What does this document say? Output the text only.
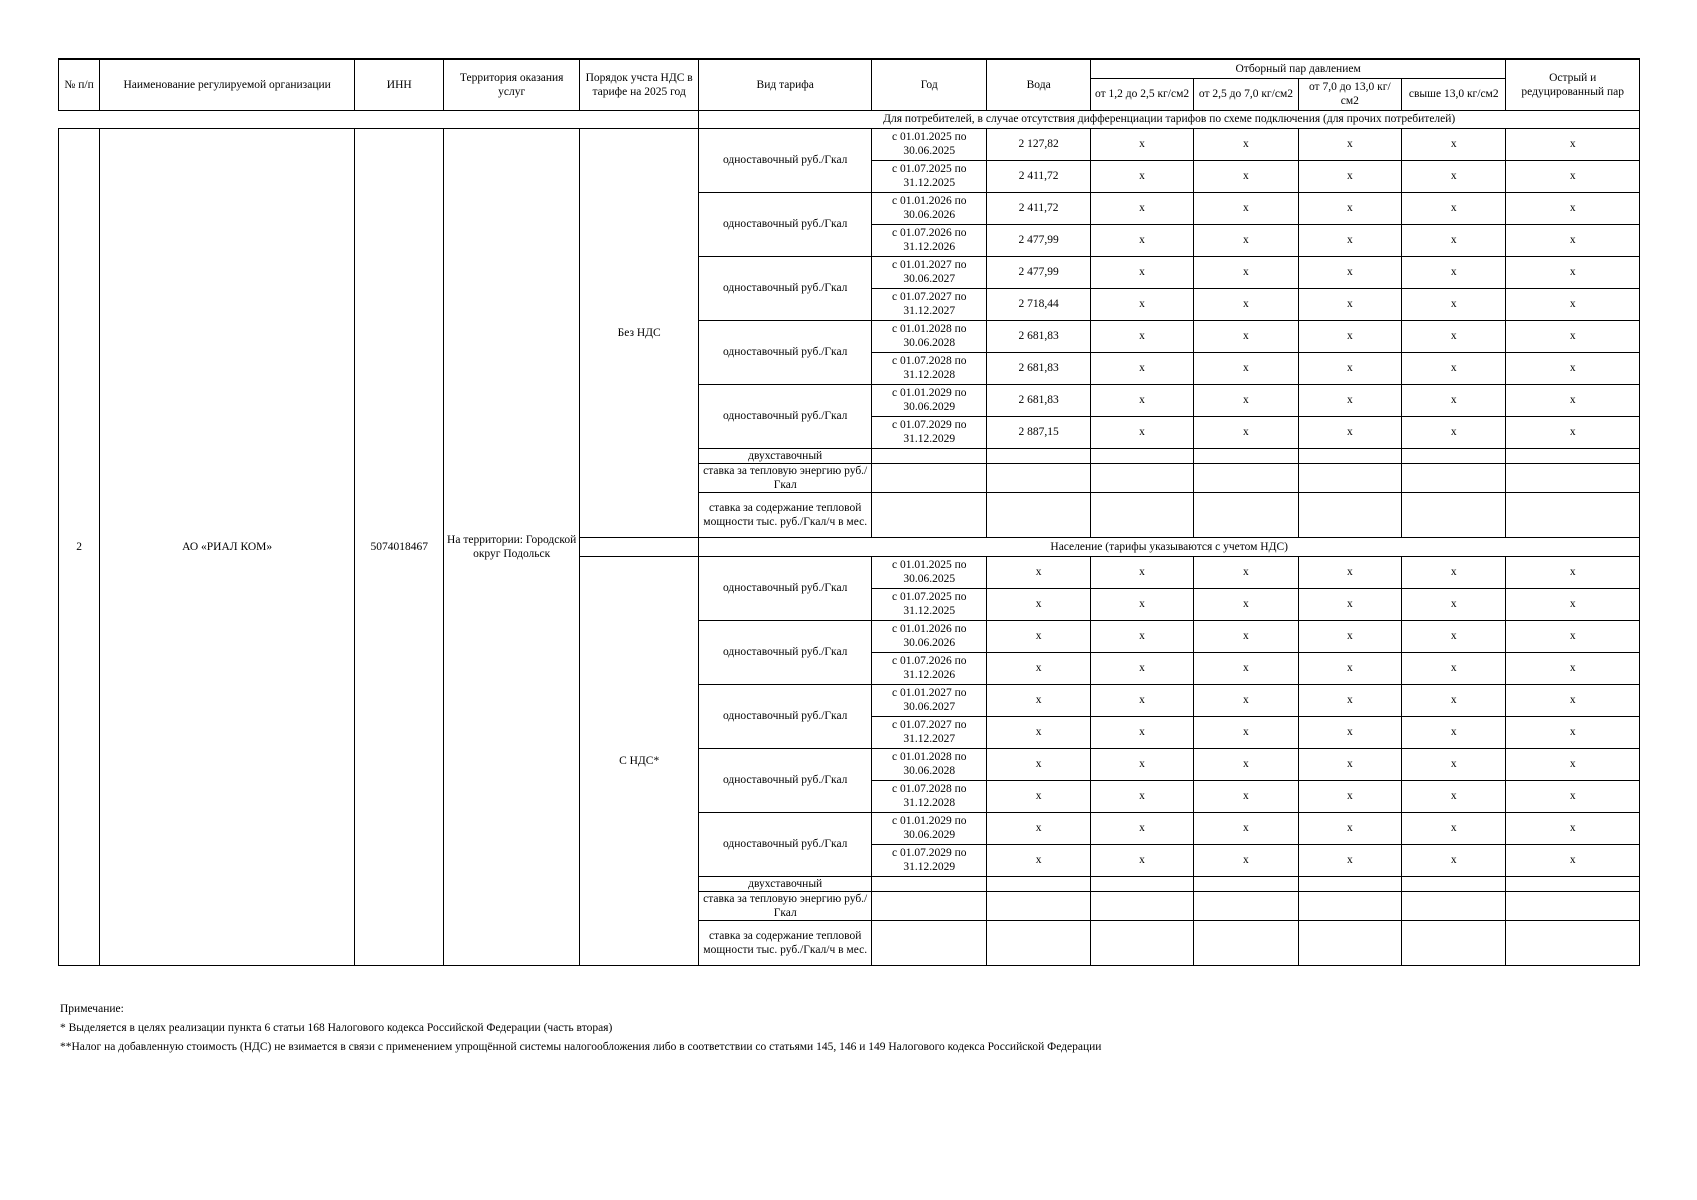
№ п/п	Наименование регулируемой организации	ИНН	Территория оказания услуг	Порядок учста НДС в тарифе на 2025 год	Вид тарифа	Год	Вода	Отборный пар давлением				Острый и редуцированный пар
								от 1,2 до 2,5 кг/см2	от 2,5 до 7,0 кг/см2	от 7,0 до 13,0 кг/см2	свыше 13,0 кг/см2	
					Для потребителей, в случае отсутствия дифференциации тарифов по схеме подключения (для прочих потребителей)							
2	АО «РИАЛ КОМ»	5074018467	На территории: Городской округ Подольск	Без НДС	одноставочный руб./Гкал	с 01.01.2025 по 30.06.2025	2 127,82	x	x	x	x	x
						с 01.07.2025 по 31.12.2025	2 411,72	x	x	x	x	x
					одноставочный руб./Гкал	с 01.01.2026 по 30.06.2026	2 411,72	x	x	x	x	x
						с 01.07.2026 по 31.12.2026	2 477,99	x	x	x	x	x
					одноставочный руб./Гкал	с 01.01.2027 по 30.06.2027	2 477,99	x	x	x	x	x
						с 01.07.2027 по 31.12.2027	2 718,44	x	x	x	x	x
					одноставочный руб./Гкал	с 01.01.2028 по 30.06.2028	2 681,83	x	x	x	x	x
						с 01.07.2028 по 31.12.2028	2 681,83	x	x	x	x	x
					одноставочный руб./Гкал	с 01.01.2029 по 30.06.2029	2 681,83	x	x	x	x	x
						с 01.07.2029 по 31.12.2029	2 887,15	x	x	x	x	x
					двухставочный							
					ставка за тепловую энергию руб./Гкал							
					ставка за содержание тепловой мощности тыс. руб./Гкал/ч в мес.							
					Население (тарифы указываются с учетом НДС)							
				С НДС*	одноставочный руб./Гкал	с 01.01.2025 по 30.06.2025	x	x	x	x	x	x
						с 01.07.2025 по 31.12.2025	x	x	x	x	x	x
					одноставочный руб./Гкал	с 01.01.2026 по 30.06.2026	x	x	x	x	x	x
						с 01.07.2026 по 31.12.2026	x	x	x	x	x	x
					одноставочный руб./Гкал	с 01.01.2027 по 30.06.2027	x	x	x	x	x	x
						с 01.07.2027 по 31.12.2027	x	x	x	x	x	x
					одноставочный руб./Гкал	с 01.01.2028 по 30.06.2028	x	x	x	x	x	x
						с 01.07.2028 по 31.12.2028	x	x	x	x	x	x
					одноставочный руб./Гкал	с 01.01.2029 по 30.06.2029	x	x	x	x	x	x
						с 01.07.2029 по 31.12.2029	x	x	x	x	x	x
					двухставочный							
					ставка за тепловую энергию руб./Гкал							
					ставка за содержание тепловой мощности тыс. руб./Гкал/ч в мес.							
Примечание:
* Выделяется в целях реализации пункта 6 статьи 168 Налогового кодекса Российской Федерации (часть вторая)
**Налог на добавленную стоимость (НДС) не взимается в связи с применением упрощённой системы налогообложения либо в соответствии со статьями 145, 146 и 149 Налогового кодекса Российской Федерации
